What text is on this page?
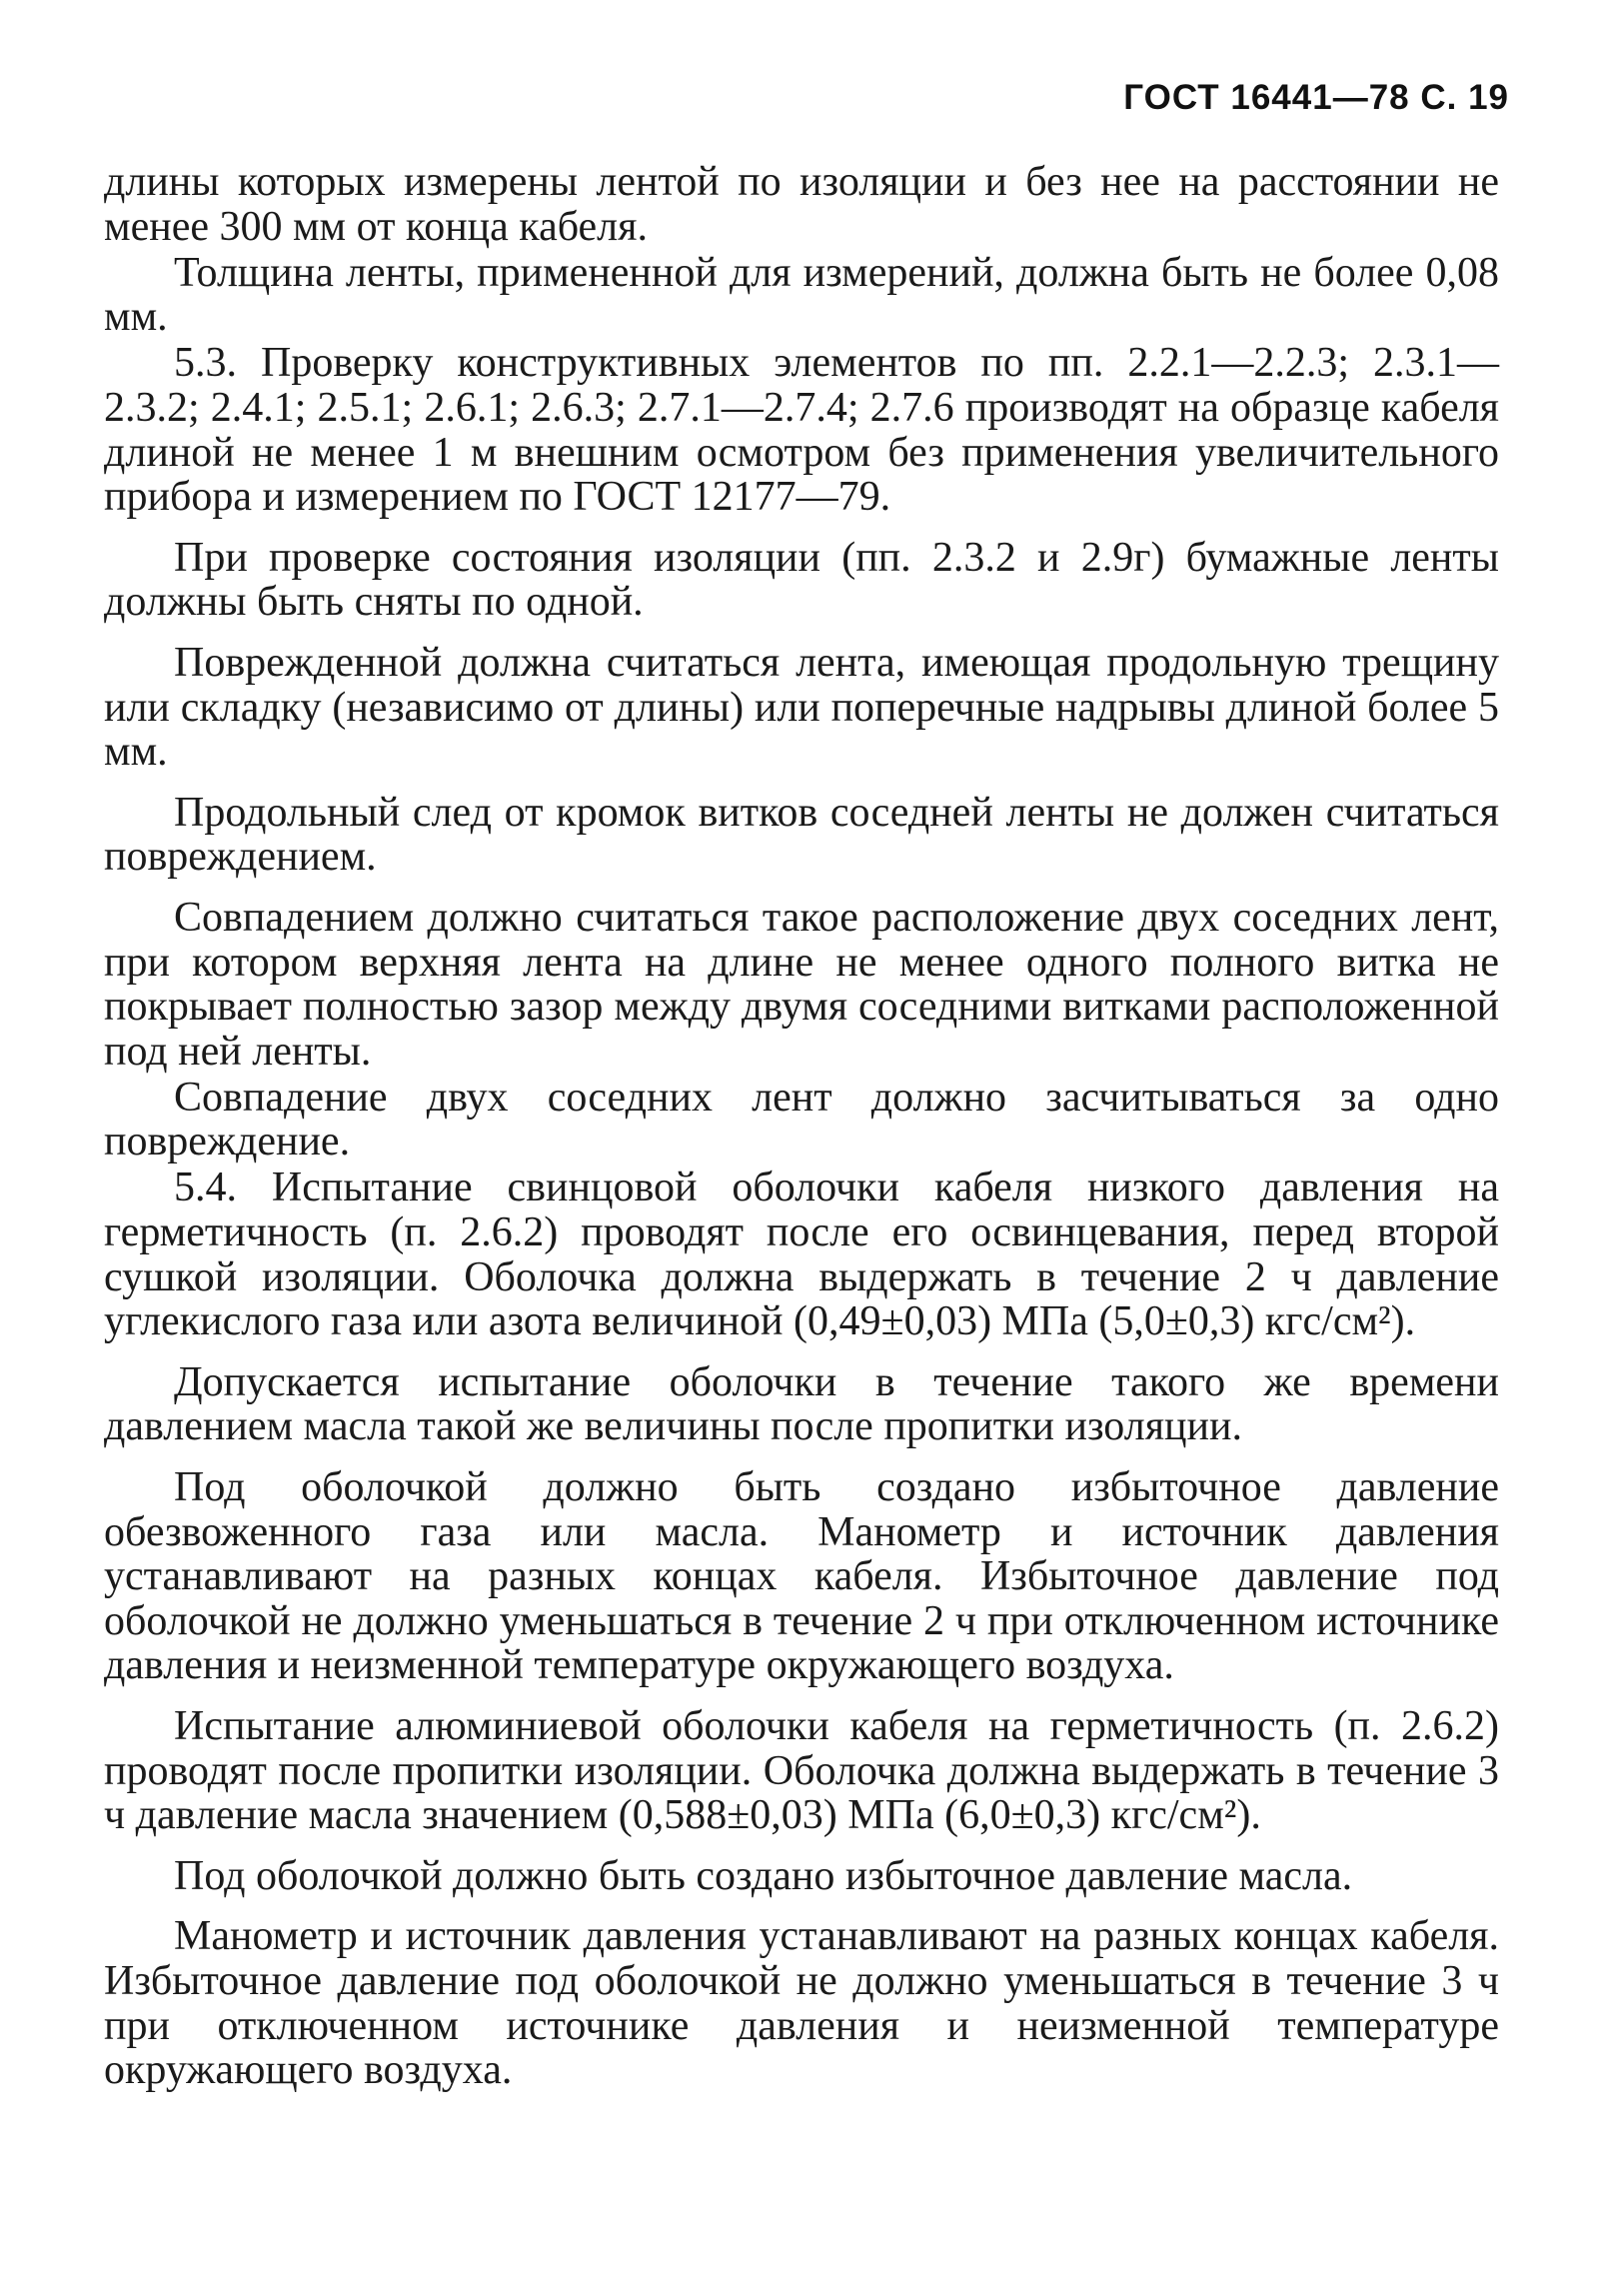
ГОСТ 16441—78 С. 19

длины которых измерены лентой по изоляции и без нее на расстоянии не менее 300 мм от конца кабеля.

Толщина ленты, примененной для измерений, должна быть не более 0,08 мм.

5.3. Проверку конструктивных элементов по пп. 2.2.1—2.2.3; 2.3.1—2.3.2; 2.4.1; 2.5.1; 2.6.1; 2.6.3; 2.7.1—2.7.4; 2.7.6 производят на образце кабеля длиной не менее 1 м внешним осмотром без применения увеличительного прибора и измерением по ГОСТ 12177—79.

При проверке состояния изоляции (пп. 2.3.2 и 2.9г) бумажные ленты должны быть сняты по одной.

Поврежденной должна считаться лента, имеющая продольную трещину или складку (независимо от длины) или поперечные надрывы длиной более 5 мм.

Продольный след от кромок витков соседней ленты не должен считаться повреждением.

Совпадением должно считаться такое расположение двух соседних лент, при котором верхняя лента на длине не менее одного полного витка не покрывает полностью зазор между двумя соседними витками расположенной под ней ленты.

Совпадение двух соседних лент должно засчитываться за одно повреждение.

5.4. Испытание свинцовой оболочки кабеля низкого давления на герметичность (п. 2.6.2) проводят после его освинцевания, перед второй сушкой изоляции. Оболочка должна выдержать в течение 2 ч давление углекислого газа или азота величиной (0,49±0,03) МПа (5,0±0,3) кгс/см²).

Допускается испытание оболочки в течение такого же времени давлением масла такой же величины после пропитки изоляции.

Под оболочкой должно быть создано избыточное давление обезвоженного газа или масла. Манометр и источник давления устанавливают на разных концах кабеля. Избыточное давление под оболочкой не должно уменьшаться в течение 2 ч при отключенном источнике давления и неизменной температуре окружающего воздуха.

Испытание алюминиевой оболочки кабеля на герметичность (п. 2.6.2) проводят после пропитки изоляции. Оболочка должна выдержать в течение 3 ч давление масла значением (0,588±0,03) МПа (6,0±0,3) кгс/см²).

Под оболочкой должно быть создано избыточное давление масла.

Манометр и источник давления устанавливают на разных концах кабеля. Избыточное давление под оболочкой не должно уменьшаться в течение 3 ч при отключенном источнике давления и неизменной температуре окружающего воздуха.
